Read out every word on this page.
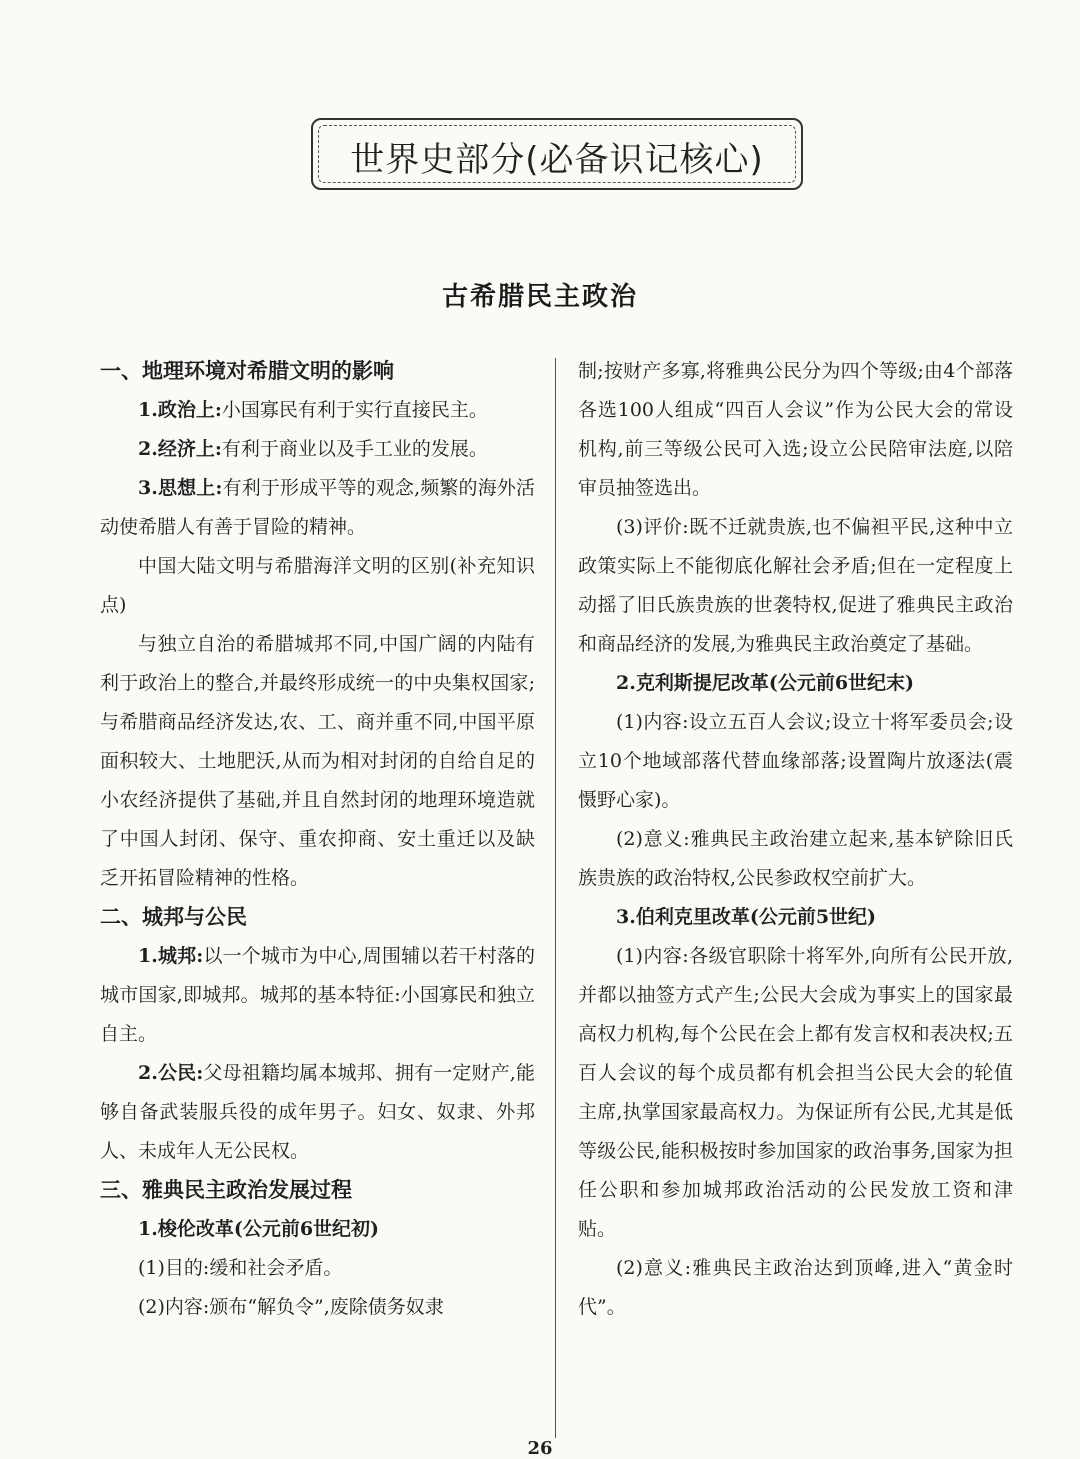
世界史部分(必备识记核心)
古希腊民主政治

一、地理环境对希腊文明的影响

1.政治上:小国寡民有利于实行直接民主。

2.经济上:有利于商业以及手工业的发展。

3.思想上:有利于形成平等的观念,频繁的海外活动使希腊人有善于冒险的精神。

中国大陆文明与希腊海洋文明的区别(补充知识点)

与独立自治的希腊城邦不同,中国广阔的内陆有利于政治上的整合,并最终形成统一的中央集权国家;与希腊商品经济发达,农、工、商并重不同,中国平原面积较大、土地肥沃,从而为相对封闭的自给自足的小农经济提供了基础,并且自然封闭的地理环境造就了中国人封闭、保守、重农抑商、安土重迁以及缺乏开拓冒险精神的性格。

二、城邦与公民

1.城邦:以一个城市为中心,周围辅以若干村落的城市国家,即城邦。城邦的基本特征:小国寡民和独立自主。

2.公民:父母祖籍均属本城邦、拥有一定财产,能够自备武装服兵役的成年男子。妇女、奴隶、外邦人、未成年人无公民权。

三、雅典民主政治发展过程

1.梭伦改革(公元前6世纪初)

(1)目的:缓和社会矛盾。

(2)内容:颁布“解负令”,废除债务奴隶

制;按财产多寡,将雅典公民分为四个等级;由4个部落各选100人组成“四百人会议”作为公民大会的常设机构,前三等级公民可入选;设立公民陪审法庭,以陪审员抽签选出。

(3)评价:既不迁就贵族,也不偏袒平民,这种中立政策实际上不能彻底化解社会矛盾;但在一定程度上动摇了旧氏族贵族的世袭特权,促进了雅典民主政治和商品经济的发展,为雅典民主政治奠定了基础。

2.克利斯提尼改革(公元前6世纪末)

(1)内容:设立五百人会议;设立十将军委员会;设立10个地域部落代替血缘部落;设置陶片放逐法(震慑野心家)。

(2)意义:雅典民主政治建立起来,基本铲除旧氏族贵族的政治特权,公民参政权空前扩大。

3.伯利克里改革(公元前5世纪)

(1)内容:各级官职除十将军外,向所有公民开放,并都以抽签方式产生;公民大会成为事实上的国家最高权力机构,每个公民在会上都有发言权和表决权;五百人会议的每个成员都有机会担当公民大会的轮值主席,执掌国家最高权力。为保证所有公民,尤其是低等级公民,能积极按时参加国家的政治事务,国家为担任公职和参加城邦政治活动的公民发放工资和津贴。

(2)意义:雅典民主政治达到顶峰,进入“黄金时代”。

26
